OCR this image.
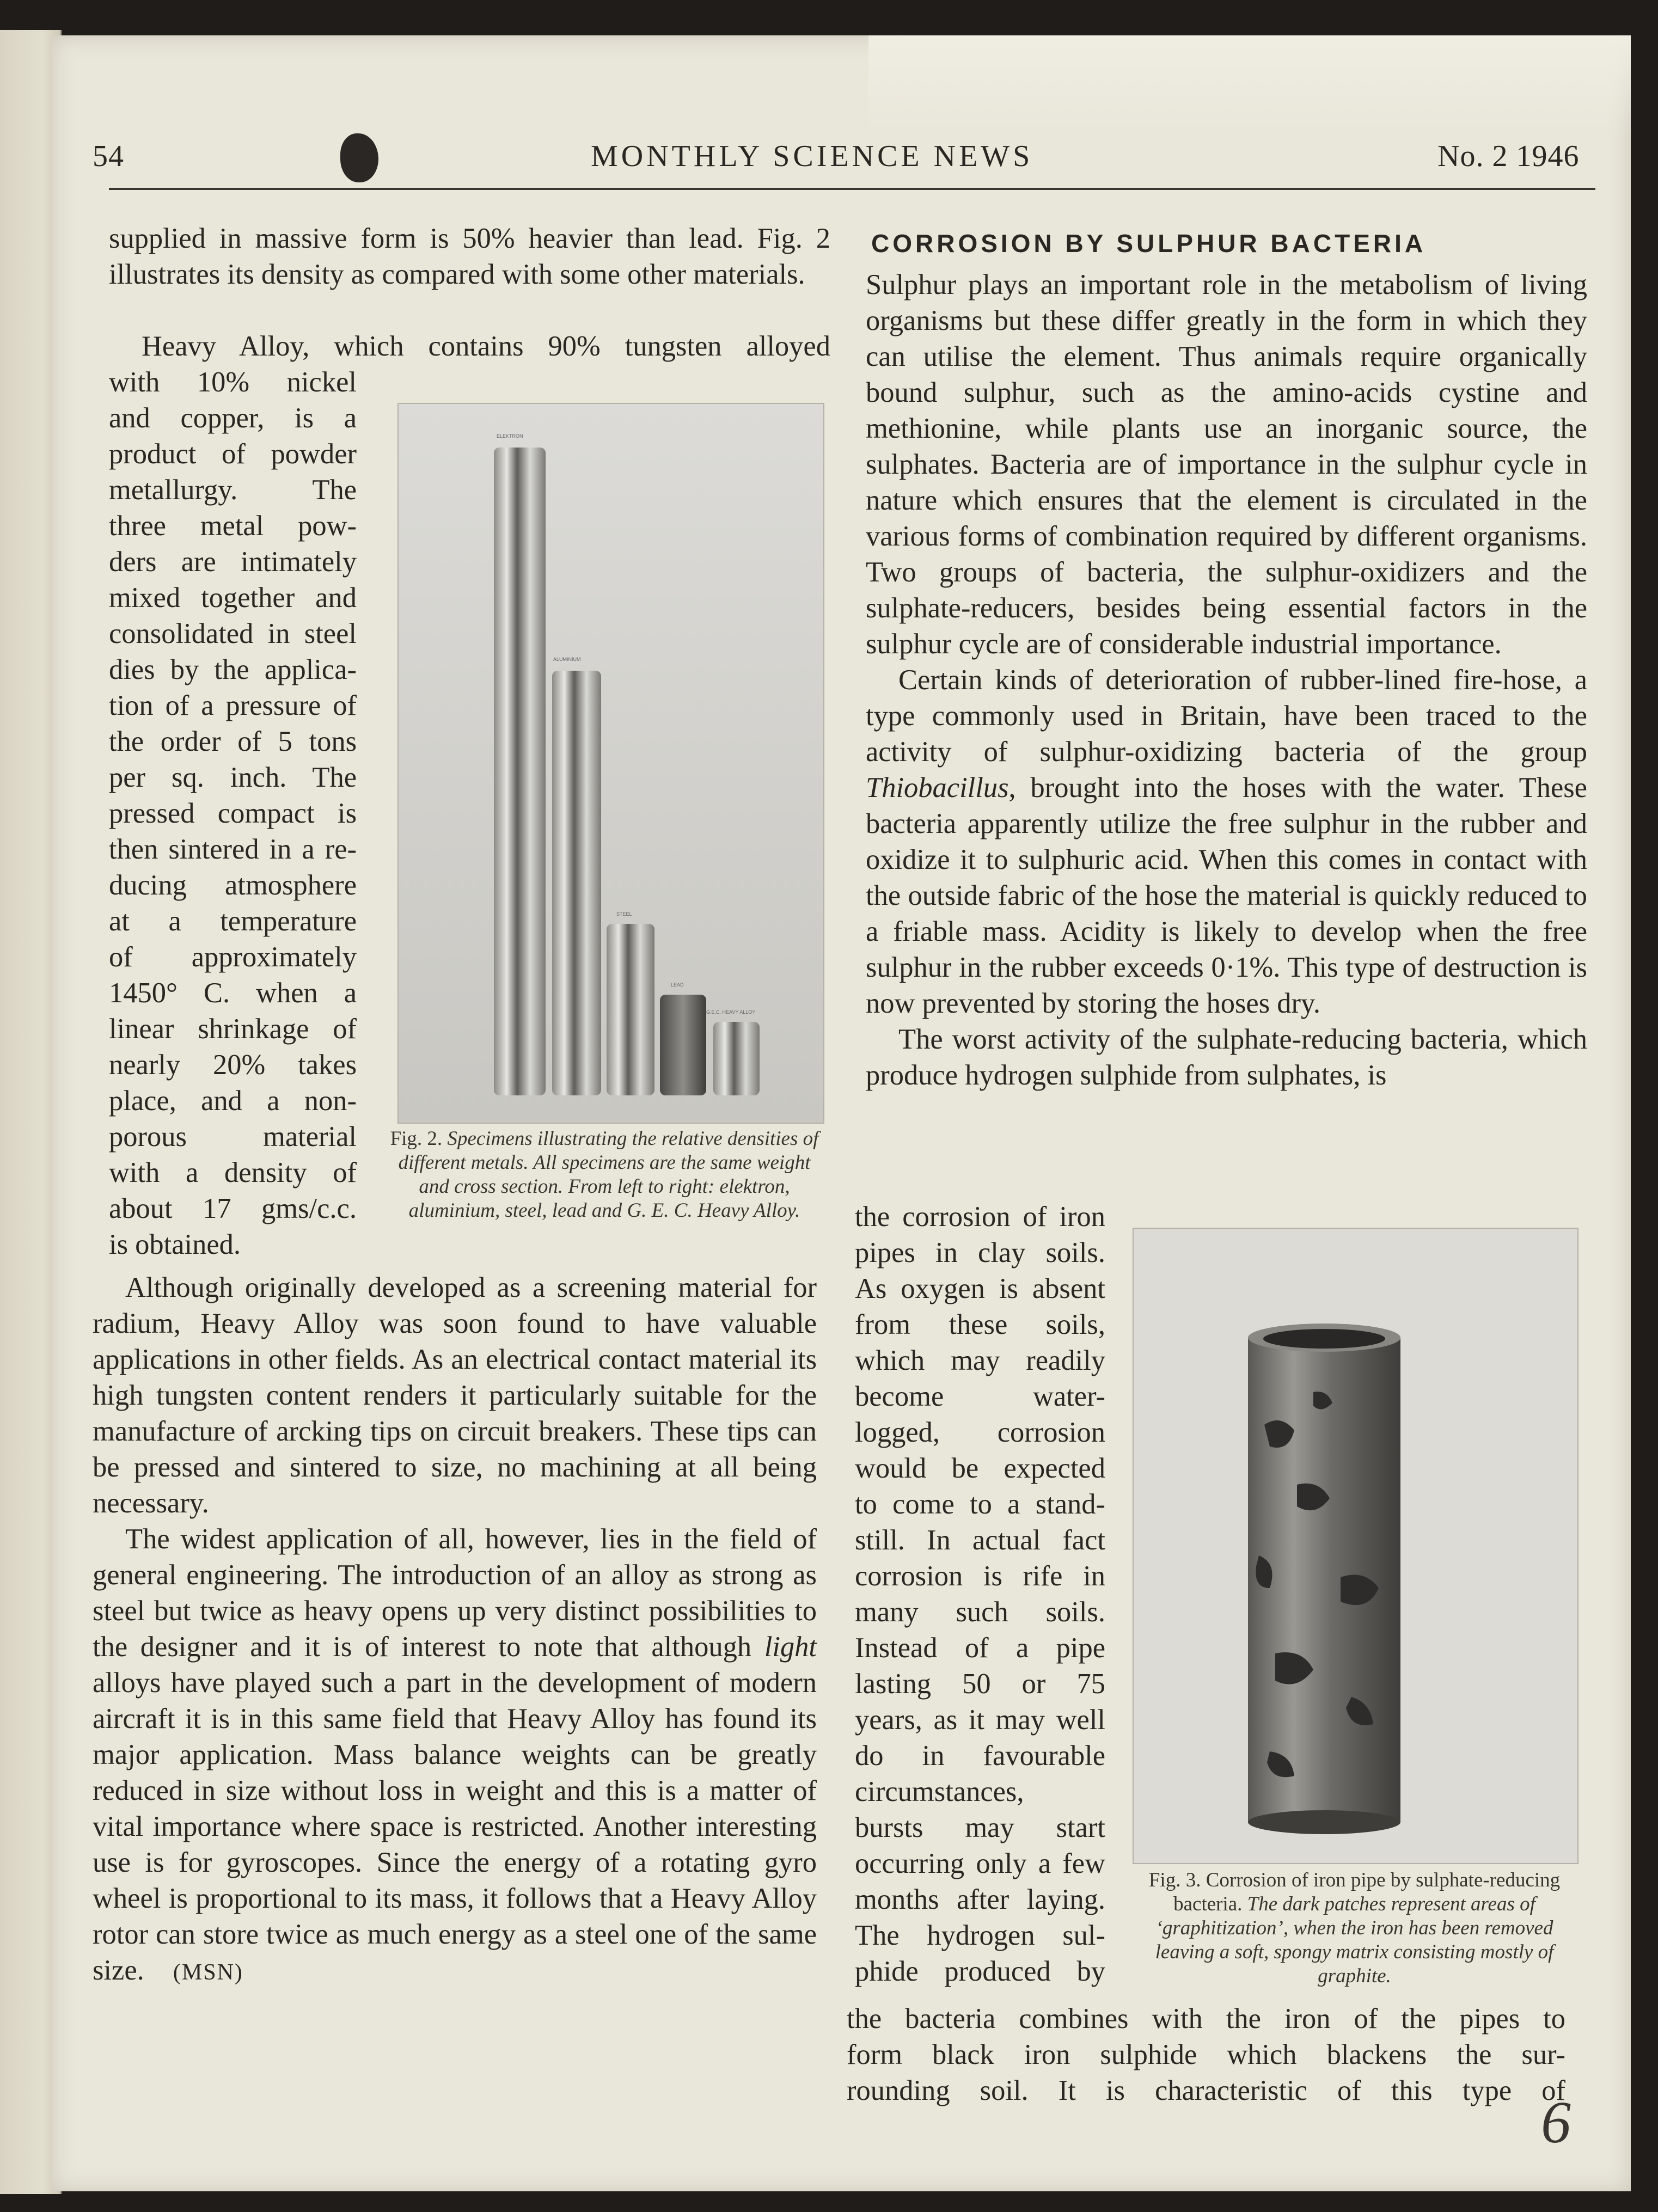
54	MONTHLY SCIENCE NEWS	No. 2 1946

supplied in massive form is 50% heavier than lead. Fig. 2 illustrates its density as compared with some other materials.

Heavy Alloy, which contains 90% tungsten alloyed
with 10% nickel
and copper, is a
product of powder
metallurgy. The
three metal pow-
ders are intimately
mixed together and
consolidated in steel
dies by the applica-
tion of a pressure of
the order of 5 tons
per sq. inch. The
pressed compact is
then sintered in a re-
ducing atmosphere
at a temperature
of approximately
1450° C. when a
linear shrinkage of
nearly 20% takes
place, and a non-
porous material
with a density of
about 17 gms/c.c.
is obtained.
ELEKTRON
ALUMINIUM
STEEL
LEAD
G.E.C. HEAVY ALLOY
Fig. 2. Specimens illustrating the relative densities of different metals. All specimens are the same weight and cross section. From left to right: elektron, aluminium, steel, lead and G. E. C. Heavy Alloy.

Although originally developed as a screening material for radium, Heavy Alloy was soon found to have valuable applications in other fields. As an electrical contact material its high tungsten content renders it particularly suitable for the manufacture of arcking tips on circuit breakers. These tips can be pressed and sintered to size, no machining at all being necessary.

The widest application of all, however, lies in the field of general engineering. The introduction of an alloy as strong as steel but twice as heavy opens up very distinct possibilities to the designer and it is of interest to note that although light alloys have played such a part in the development of modern aircraft it is in this same field that Heavy Alloy has found its major application. Mass balance weights can be greatly reduced in size without loss in weight and this is a matter of vital importance where space is restricted. Another interesting use is for gyroscopes. Since the energy of a rotating gyro wheel is proportional to its mass, it follows that a Heavy Alloy rotor can store twice as much energy as a steel one of the same size. (MSN)

CORROSION BY SULPHUR BACTERIA

Sulphur plays an important role in the metabolism of living organisms but these differ greatly in the form in which they can utilise the element. Thus animals require organically bound sulphur, such as the amino-acids cystine and methionine, while plants use an inorganic source, the sulphates. Bacteria are of importance in the sulphur cycle in nature which ensures that the element is circulated in the various forms of combination required by different organisms. Two groups of bacteria, the sulphur-oxidizers and the sulphate-reducers, besides being essential factors in the sulphur cycle are of considerable industrial importance.

Certain kinds of deterioration of rubber-lined fire-hose, a type commonly used in Britain, have been traced to the activity of sulphur-oxidizing bacteria of the group Thiobacillus, brought into the hoses with the water. These bacteria apparently utilize the free sulphur in the rubber and oxidize it to sulphuric acid. When this comes in contact with the outside fabric of the hose the material is quickly reduced to a friable mass. Acidity is likely to develop when the free sulphur in the rubber exceeds 0·1%. This type of destruction is now prevented by storing the hoses dry.

The worst activity of the sulphate-reducing bacteria, which produce hydrogen sulphide from sulphates, is

the corrosion of iron
pipes in clay soils.
As oxygen is absent
from these soils,
which may readily
become water-
logged, corrosion
would be expected
to come to a stand-
still. In actual fact
corrosion is rife in
many such soils.
Instead of a pipe
lasting 50 or 75
years, as it may well
do in favourable
circumstances,
bursts may start
occurring only a few
months after laying.
The hydrogen sul-
phide produced by
Fig. 3. Corrosion of iron pipe by sulphate-reducing bacteria. The dark patches represent areas of ‘graphitization’, when the iron has been removed leaving a soft, spongy matrix consisting mostly of graphite.
the bacteria combines with the iron of the pipes to
form black iron sulphide which blackens the sur-
rounding soil. It is characteristic of this type of
6
